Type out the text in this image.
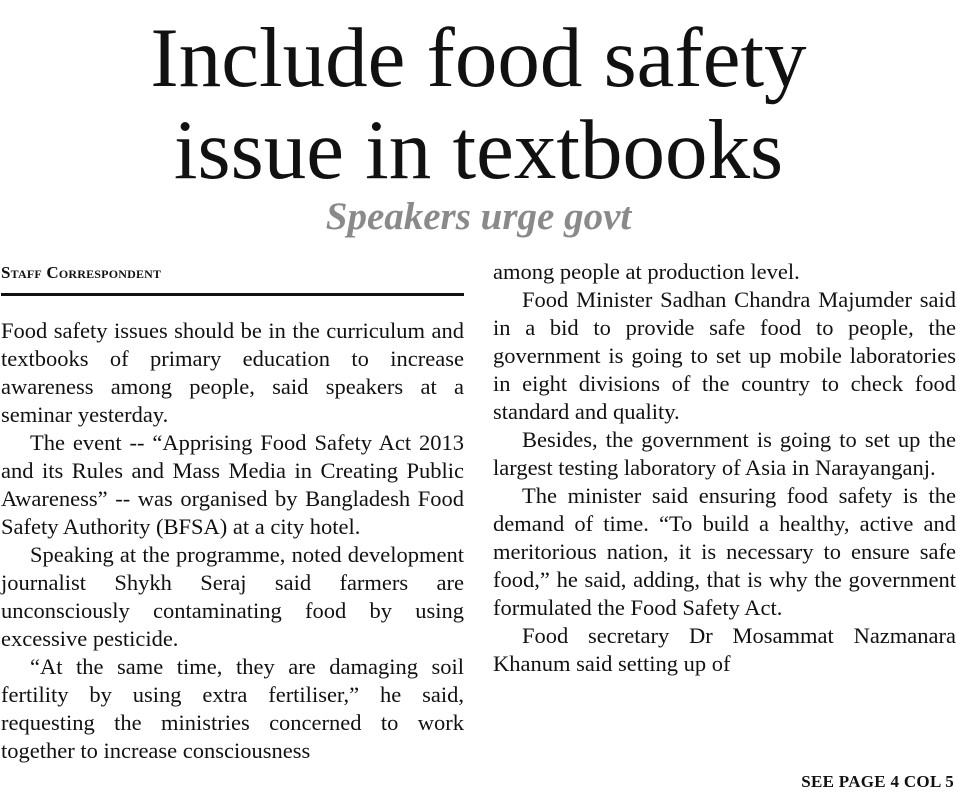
Include food safety
issue in textbooks
Speakers urge govt
Staff Correspondent

Food safety issues should be in the curriculum and textbooks of primary education to increase awareness among people, said speakers at a seminar yesterday.

The event -- “Apprising Food Safety Act 2013 and its Rules and Mass Media in Creating Public Awareness” -- was organised by Bangladesh Food Safety Authority (BFSA) at a city hotel.

Speaking at the programme, noted development journalist Shykh Seraj said farmers are unconsciously contaminating food by using excessive pesticide.

“At the same time, they are damaging soil fertility by using extra fertiliser,” he said, requesting the ministries concerned to work together to increase consciousness

among people at production level.

Food Minister Sadhan Chandra Majumder said in a bid to provide safe food to people, the government is going to set up mobile laboratories in eight divisions of the country to check food standard and quality.

Besides, the government is going to set up the largest testing laboratory of Asia in Narayanganj.

The minister said ensuring food safety is the demand of time. “To build a healthy, active and meritorious nation, it is necessary to ensure safe food,” he said, adding, that is why the government formulated the Food Safety Act.

Food secretary Dr Mosammat Nazmanara Khanum said setting up of

SEE PAGE 4 COL 5
